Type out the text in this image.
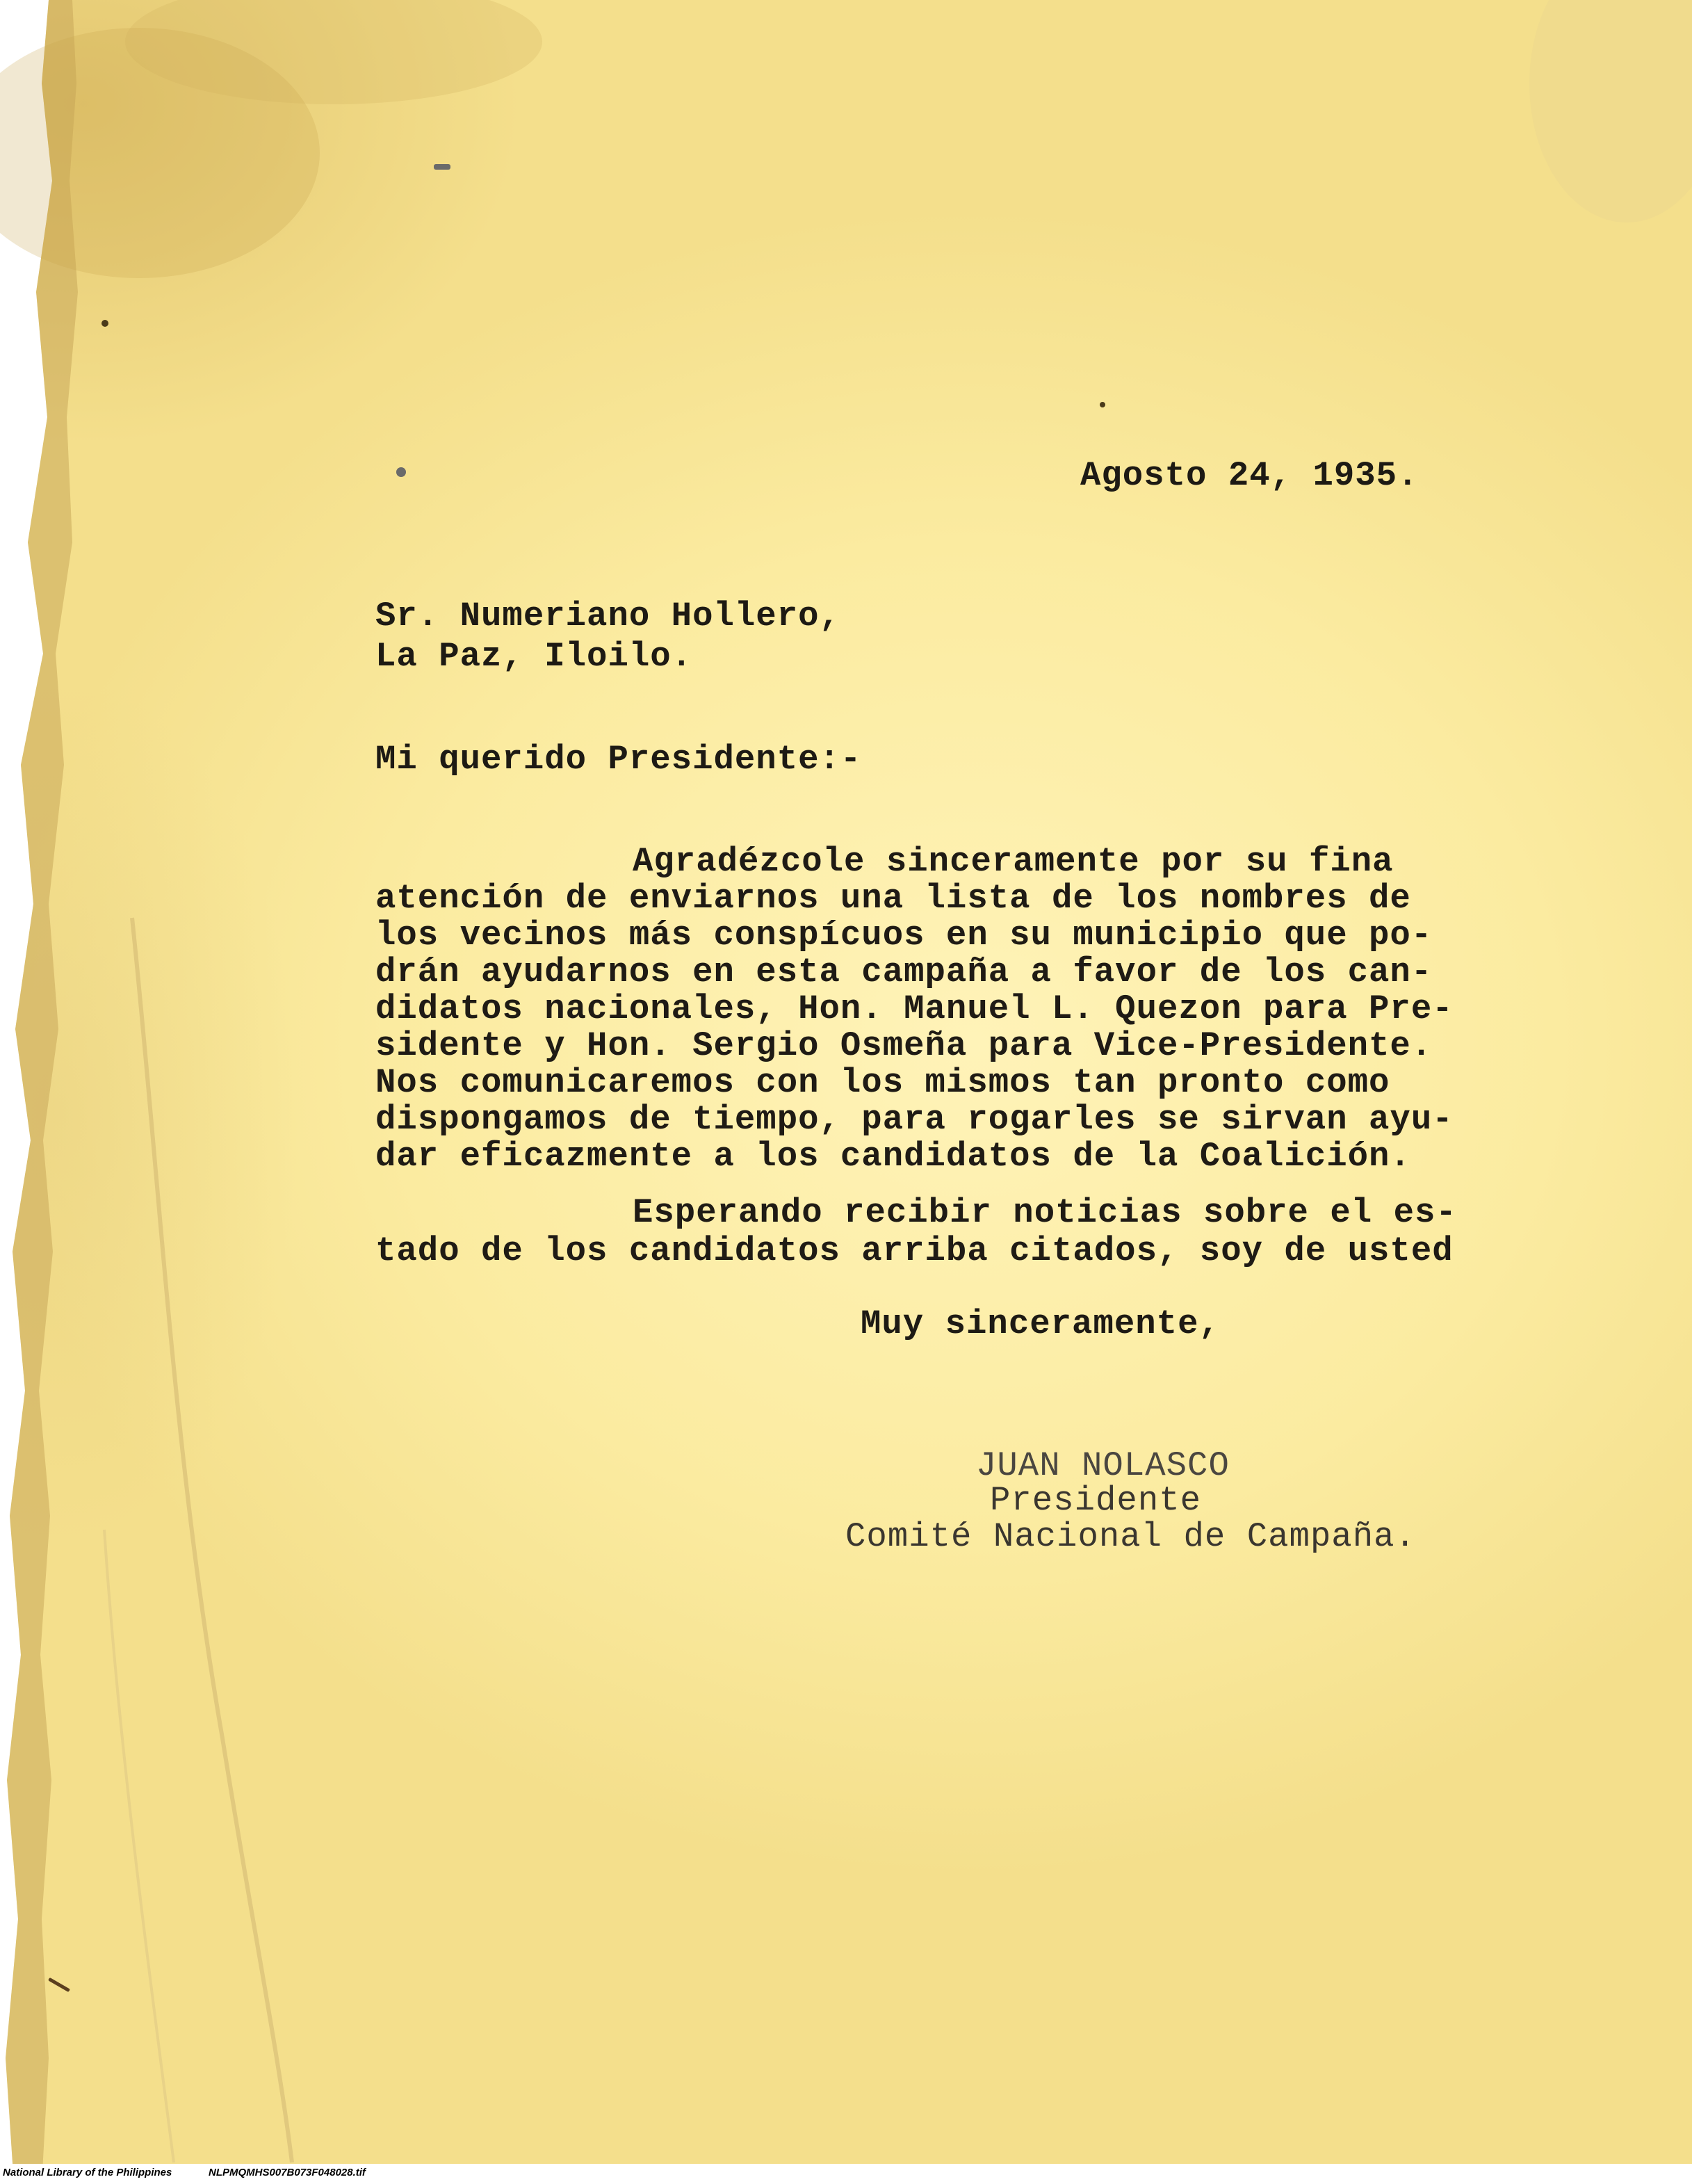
Agosto 24, 1935.
Sr. Numeriano Hollero,
La Paz, Iloilo.
Mi querido Presidente:-
Agradézcole sinceramente por su fina
atención de enviarnos una lista de los nombres de
los vecinos más conspícuos en su municipio que po-
drán ayudarnos en esta campaña a favor de los can-
didatos nacionales, Hon. Manuel L. Quezon para Pre-
sidente y Hon. Sergio Osmeña para Vice-Presidente.
Nos comunicaremos con los mismos tan pronto como
dispongamos de tiempo, para rogarles se sirvan ayu-
dar eficazmente a los candidatos de la Coalición.
Esperando recibir noticias sobre el es-
tado de los candidatos arriba citados, soy de usted
Muy sinceramente,
JUAN NOLASCO
Presidente
Comité Nacional de Campaña.
National Library of the Philippines	NLPMQMHS007B073F048028.tif
